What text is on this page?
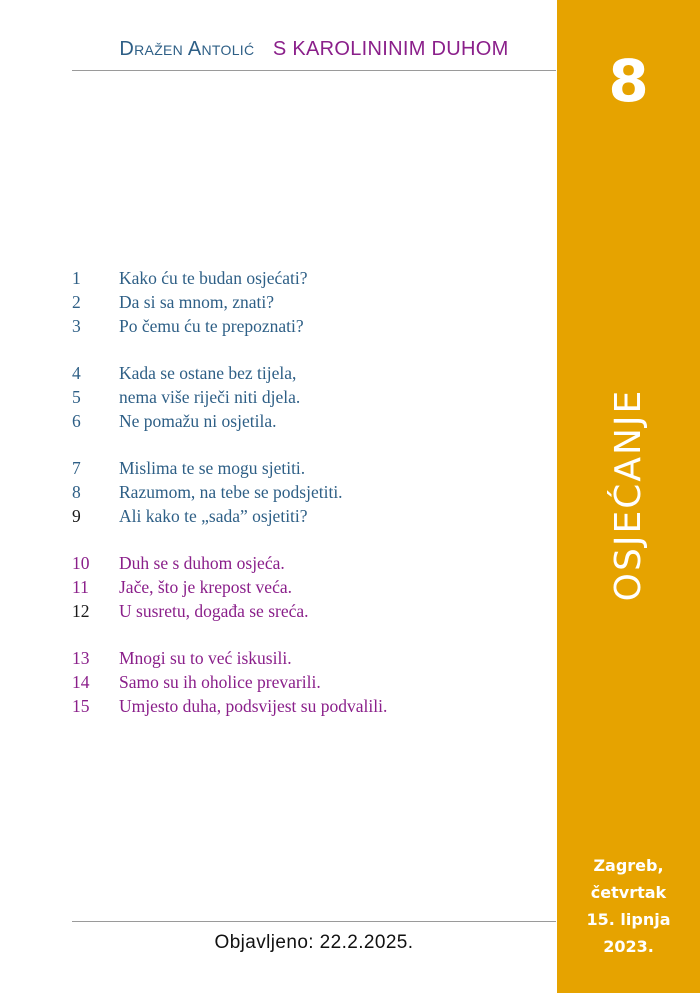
Dražen Antolić S KAROLININIM DUHOM
1	Kako ću te budan osjećati?
2	Da si sa mnom, znati?
3	Po čemu ću te prepoznati?
4	Kada se ostane bez tijela,
5	nema više riječi niti djela.
6	Ne pomažu ni osjetila.
7	Mislima te se mogu sjetiti.
8	Razumom, na tebe se podsjetiti.
9	Ali kako te „sada” osjetiti?
10	Duh se s duhom osjeća.
11	Jače, što je krepost veća.
12	U susretu, događa se sreća.
13	Mnogi su to već iskusili.
14	Samo su ih oholice prevarili.
15	Umjesto duha, podsvijest su podvalili.
Objavljeno: 22.2.2025.
8
OSJEĆANJE
Zagreb,
četvrtak
15. lipnja
2023.
